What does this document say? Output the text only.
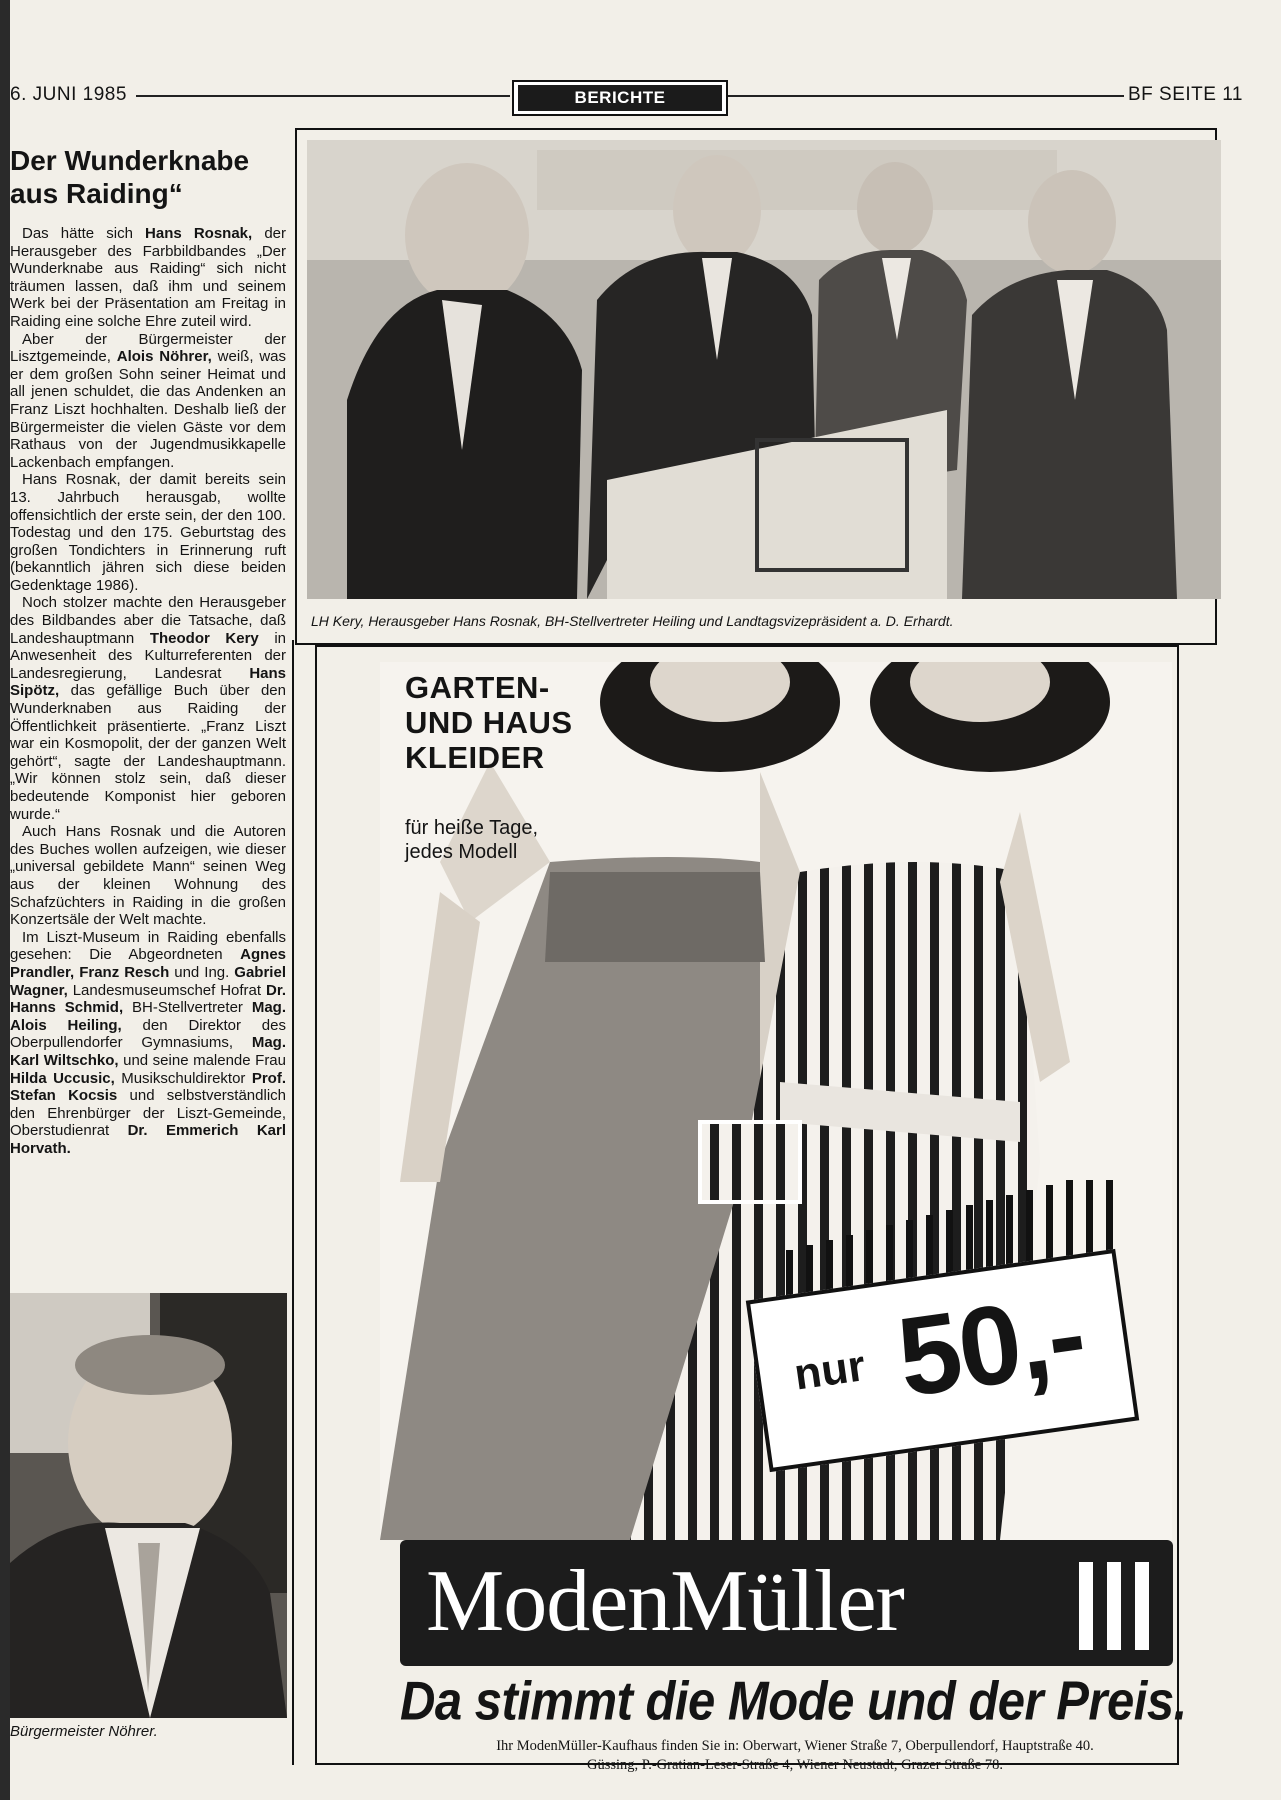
6. JUNI 1985	BERICHTE	BF SEITE 11
Der Wunderknabe
aus Raiding“

Das hätte sich Hans Rosnak, der Herausgeber des Farbbildbandes „Der Wunderknabe aus Raiding“ sich nicht träumen lassen, daß ihm und seinem Werk bei der Präsentation am Freitag in Raiding eine solche Ehre zuteil wird.

Aber der Bürgermeister der Lisztgemeinde, Alois Nöhrer, weiß, was er dem großen Sohn seiner Heimat und all jenen schuldet, die das Andenken an Franz Liszt hochhalten. Deshalb ließ der Bürgermeister die vielen Gäste vor dem Rathaus von der Jugendmusikkapelle Lackenbach empfangen.

Hans Rosnak, der damit bereits sein 13. Jahrbuch herausgab, wollte offensichtlich der erste sein, der den 100. Todestag und den 175. Geburtstag des großen Tondichters in Erinnerung ruft (bekanntlich jähren sich diese beiden Gedenktage 1986).

Noch stolzer machte den Herausgeber des Bildbandes aber die Tatsache, daß Landeshauptmann Theodor Kery in Anwesenheit des Kulturreferenten der Landesregierung, Landesrat Hans Sipötz, das gefällige Buch über den Wunderknaben aus Raiding der Öffentlichkeit präsentierte. „Franz Liszt war ein Kosmopolit, der der ganzen Welt gehört“, sagte der Landeshauptmann. „Wir können stolz sein, daß dieser bedeutende Komponist hier geboren wurde.“

Auch Hans Rosnak und die Autoren des Buches wollen aufzeigen, wie dieser „universal gebildete Mann“ seinen Weg aus der kleinen Wohnung des Schafzüchters in Raiding in die großen Konzertsäle der Welt machte.

Im Liszt-Museum in Raiding ebenfalls gesehen: Die Abgeordneten Agnes Prandler, Franz Resch und Ing. Gabriel Wagner, Landesmuseumschef Hofrat Dr. Hanns Schmid, BH-Stellvertreter Mag. Alois Heiling, den Direktor des Oberpullendorfer Gymnasiums, Mag. Karl Wiltschko, und seine malende Frau Hilda Uccusic, Musikschuldirektor Prof. Stefan Kocsis und selbstverständlich den Ehrenbürger der Liszt-Gemeinde, Oberstudienrat Dr. Emmerich Karl Horvath.

LH Kery, Herausgeber Hans Rosnak, BH-Stellvertreter Heiling und Landtagsvizepräsident a. D. Erhardt.
GARTEN-
UND HAUS
KLEIDER
für heiße Tage,
jedes Modell
nur 50,-
ModenMüller
Da stimmt die Mode und der Preis.
Ihr ModenMüller-Kaufhaus finden Sie in: Oberwart, Wiener Straße 7, Oberpullendorf, Hauptstraße 40.
Güssing, P.-Gratian-Leser-Straße 4, Wiener Neustadt, Grazer Straße 78.
Bürgermeister Nöhrer.
